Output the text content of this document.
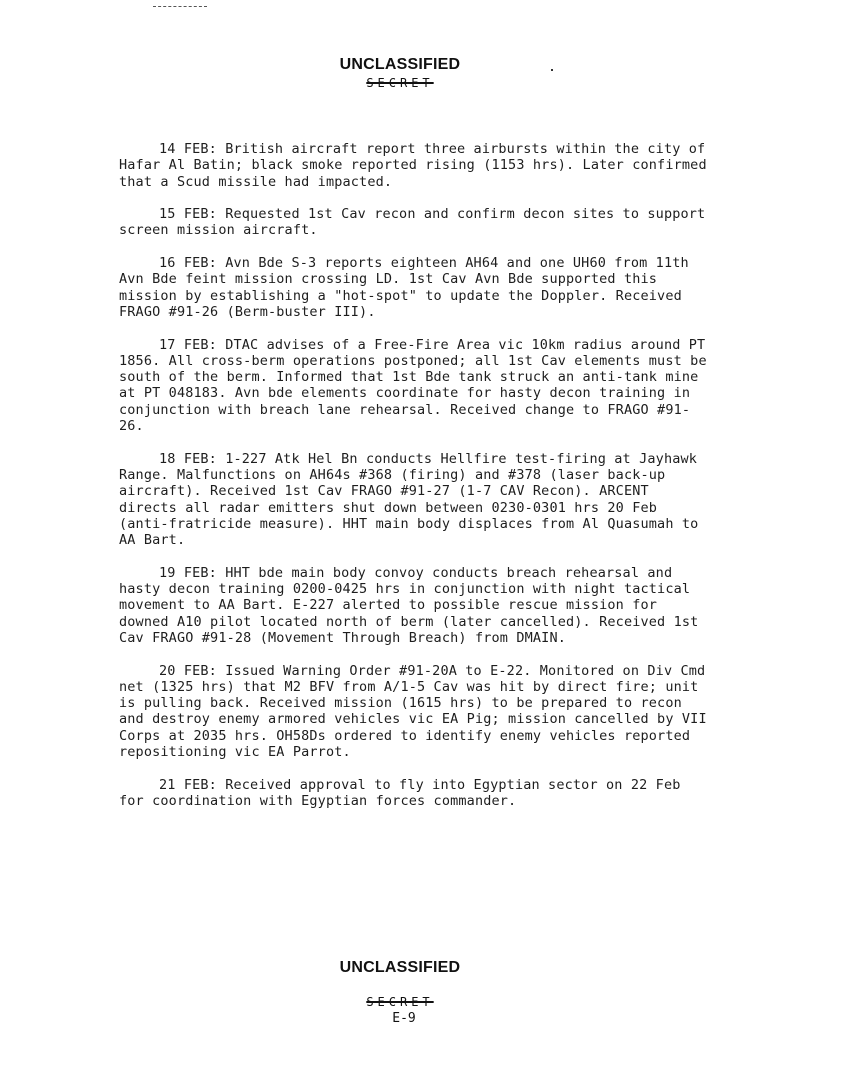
UNCLASSIFIED
SECRET

14 FEB: British aircraft report three airbursts within the city of Hafar Al Batin; black smoke reported rising (1153 hrs). Later confirmed that a Scud missile had impacted.

15 FEB: Requested 1st Cav recon and confirm decon sites to support screen mission aircraft.

16 FEB: Avn Bde S-3 reports eighteen AH64 and one UH60 from 11th Avn Bde feint mission crossing LD. 1st Cav Avn Bde supported this mission by establishing a "hot-spot" to update the Doppler. Received FRAGO #91-26 (Berm-buster III).

17 FEB: DTAC advises of a Free-Fire Area vic 10km radius around PT 1856. All cross-berm operations postponed; all 1st Cav elements must be south of the berm. Informed that 1st Bde tank struck an anti-tank mine at PT 048183. Avn bde elements coordinate for hasty decon training in conjunction with breach lane rehearsal. Received change to FRAGO #91-26.

18 FEB: 1-227 Atk Hel Bn conducts Hellfire test-firing at Jayhawk Range. Malfunctions on AH64s #368 (firing) and #378 (laser back-up aircraft). Received 1st Cav FRAGO #91-27 (1-7 CAV Recon). ARCENT directs all radar emitters shut down between 0230-0301 hrs 20 Feb (anti-fratricide measure). HHT main body displaces from Al Quasumah to AA Bart.

19 FEB: HHT bde main body convoy conducts breach rehearsal and hasty decon training 0200-0425 hrs in conjunction with night tactical movement to AA Bart. E-227 alerted to possible rescue mission for downed A10 pilot located north of berm (later cancelled). Received 1st Cav FRAGO #91-28 (Movement Through Breach) from DMAIN.

20 FEB: Issued Warning Order #91-20A to E-22. Monitored on Div Cmd net (1325 hrs) that M2 BFV from A/1-5 Cav was hit by direct fire; unit is pulling back. Received mission (1615 hrs) to be prepared to recon and destroy enemy armored vehicles vic EA Pig; mission cancelled by VII Corps at 2035 hrs. OH58Ds ordered to identify enemy vehicles reported repositioning vic EA Parrot.

21 FEB: Received approval to fly into Egyptian sector on 22 Feb for coordination with Egyptian forces commander.

UNCLASSIFIED
SECRET
E-9
